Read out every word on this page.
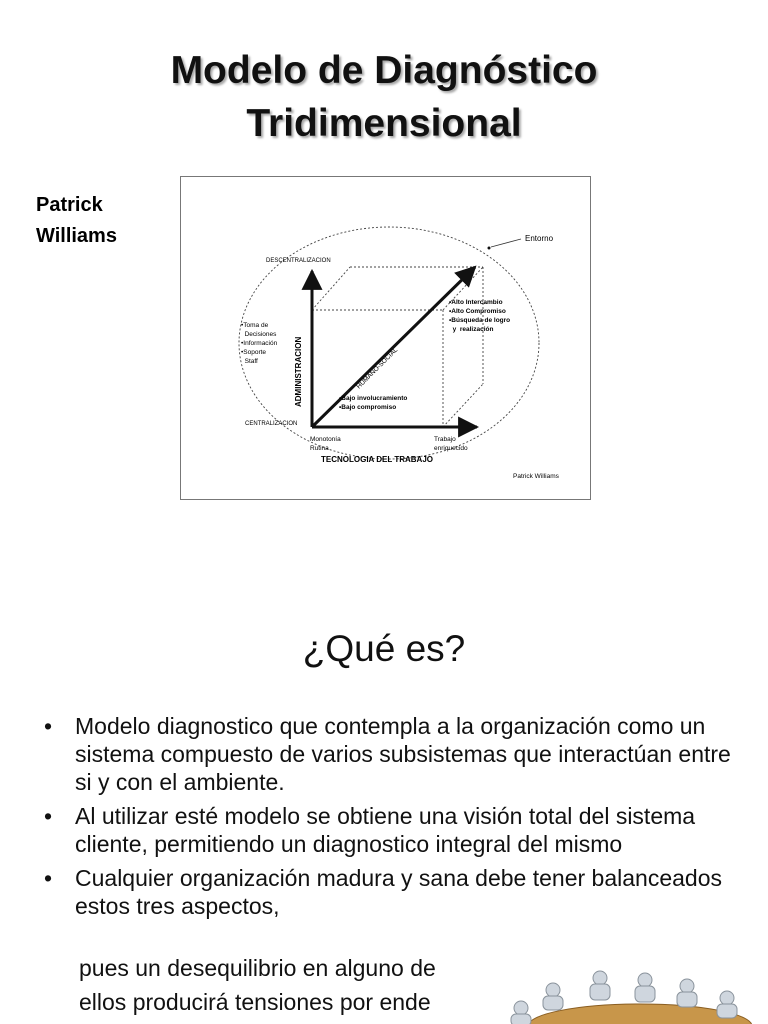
Modelo de Diagnóstico
Tridimensional
Patrick
Williams	Entorno
DESCENTRALIZACION
CENTRALIZACION
ADMINISTRACION	HUMANO-SOCIAL
TECNOLOGIA DEL TRABAJO
Monotonía
Rutina
Trabajo
enriquecido
•Toma de
Decisiones
•Información
•Soporte
Staff
•Alto Intercambio
•Alto Compromiso
•Búsqueda de logro
y  realización
•Bajo involucramiento
•Bajo compromiso
Patrick Williams
¿Qué es?
• Modelo diagnostico que contempla a la organización como un sistema compuesto de varios subsistemas que interactúan entre si y con el ambiente.
• Al utilizar esté modelo se obtiene una visión total del sistema cliente, permitiendo un diagnostico integral del mismo
• Cualquier organización madura y sana debe tener balanceados estos tres aspectos,
pues un desequilibrio en alguno de
ellos producirá tensiones por ende
